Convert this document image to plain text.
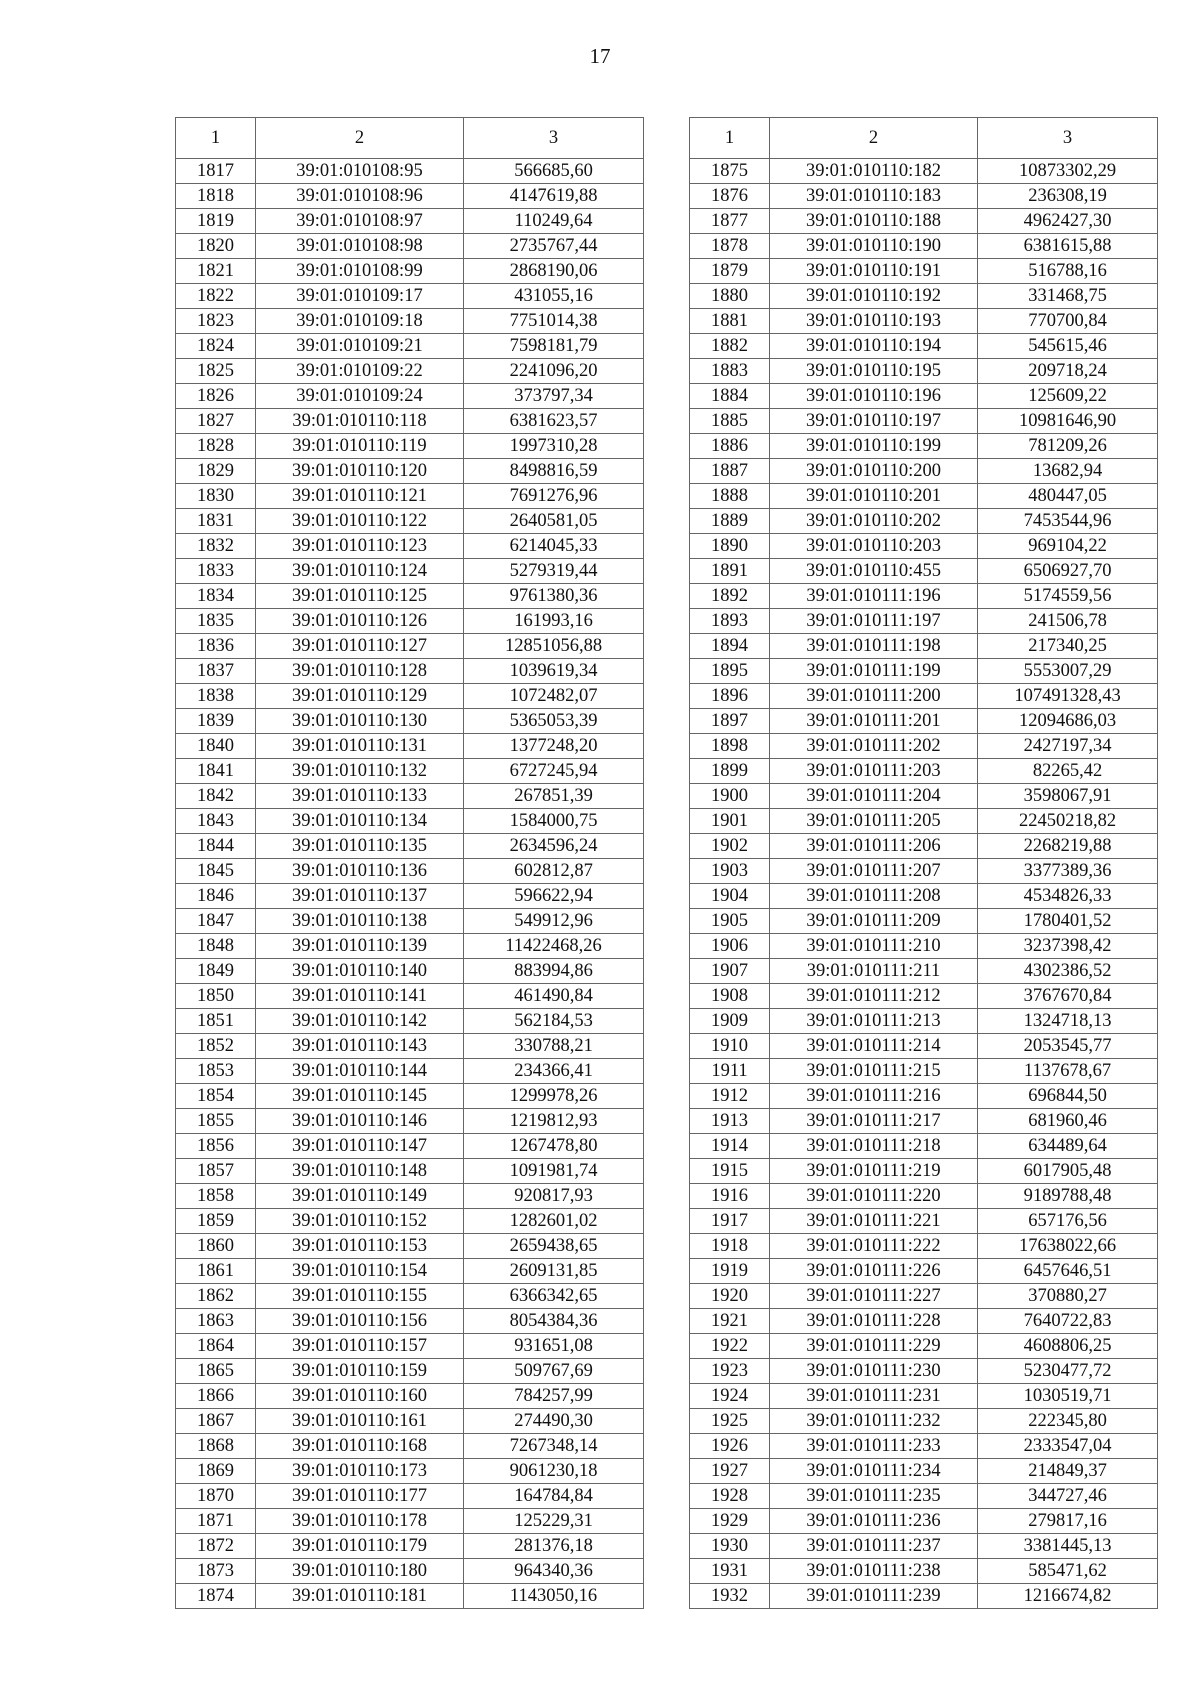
17
1	2	3
1817	39:01:010108:95	566685,60
1818	39:01:010108:96	4147619,88
1819	39:01:010108:97	110249,64
1820	39:01:010108:98	2735767,44
1821	39:01:010108:99	2868190,06
1822	39:01:010109:17	431055,16
1823	39:01:010109:18	7751014,38
1824	39:01:010109:21	7598181,79
1825	39:01:010109:22	2241096,20
1826	39:01:010109:24	373797,34
1827	39:01:010110:118	6381623,57
1828	39:01:010110:119	1997310,28
1829	39:01:010110:120	8498816,59
1830	39:01:010110:121	7691276,96
1831	39:01:010110:122	2640581,05
1832	39:01:010110:123	6214045,33
1833	39:01:010110:124	5279319,44
1834	39:01:010110:125	9761380,36
1835	39:01:010110:126	161993,16
1836	39:01:010110:127	12851056,88
1837	39:01:010110:128	1039619,34
1838	39:01:010110:129	1072482,07
1839	39:01:010110:130	5365053,39
1840	39:01:010110:131	1377248,20
1841	39:01:010110:132	6727245,94
1842	39:01:010110:133	267851,39
1843	39:01:010110:134	1584000,75
1844	39:01:010110:135	2634596,24
1845	39:01:010110:136	602812,87
1846	39:01:010110:137	596622,94
1847	39:01:010110:138	549912,96
1848	39:01:010110:139	11422468,26
1849	39:01:010110:140	883994,86
1850	39:01:010110:141	461490,84
1851	39:01:010110:142	562184,53
1852	39:01:010110:143	330788,21
1853	39:01:010110:144	234366,41
1854	39:01:010110:145	1299978,26
1855	39:01:010110:146	1219812,93
1856	39:01:010110:147	1267478,80
1857	39:01:010110:148	1091981,74
1858	39:01:010110:149	920817,93
1859	39:01:010110:152	1282601,02
1860	39:01:010110:153	2659438,65
1861	39:01:010110:154	2609131,85
1862	39:01:010110:155	6366342,65
1863	39:01:010110:156	8054384,36
1864	39:01:010110:157	931651,08
1865	39:01:010110:159	509767,69
1866	39:01:010110:160	784257,99
1867	39:01:010110:161	274490,30
1868	39:01:010110:168	7267348,14
1869	39:01:010110:173	9061230,18
1870	39:01:010110:177	164784,84
1871	39:01:010110:178	125229,31
1872	39:01:010110:179	281376,18
1873	39:01:010110:180	964340,36
1874	39:01:010110:181	1143050,16
1	2	3
1875	39:01:010110:182	10873302,29
1876	39:01:010110:183	236308,19
1877	39:01:010110:188	4962427,30
1878	39:01:010110:190	6381615,88
1879	39:01:010110:191	516788,16
1880	39:01:010110:192	331468,75
1881	39:01:010110:193	770700,84
1882	39:01:010110:194	545615,46
1883	39:01:010110:195	209718,24
1884	39:01:010110:196	125609,22
1885	39:01:010110:197	10981646,90
1886	39:01:010110:199	781209,26
1887	39:01:010110:200	13682,94
1888	39:01:010110:201	480447,05
1889	39:01:010110:202	7453544,96
1890	39:01:010110:203	969104,22
1891	39:01:010110:455	6506927,70
1892	39:01:010111:196	5174559,56
1893	39:01:010111:197	241506,78
1894	39:01:010111:198	217340,25
1895	39:01:010111:199	5553007,29
1896	39:01:010111:200	107491328,43
1897	39:01:010111:201	12094686,03
1898	39:01:010111:202	2427197,34
1899	39:01:010111:203	82265,42
1900	39:01:010111:204	3598067,91
1901	39:01:010111:205	22450218,82
1902	39:01:010111:206	2268219,88
1903	39:01:010111:207	3377389,36
1904	39:01:010111:208	4534826,33
1905	39:01:010111:209	1780401,52
1906	39:01:010111:210	3237398,42
1907	39:01:010111:211	4302386,52
1908	39:01:010111:212	3767670,84
1909	39:01:010111:213	1324718,13
1910	39:01:010111:214	2053545,77
1911	39:01:010111:215	1137678,67
1912	39:01:010111:216	696844,50
1913	39:01:010111:217	681960,46
1914	39:01:010111:218	634489,64
1915	39:01:010111:219	6017905,48
1916	39:01:010111:220	9189788,48
1917	39:01:010111:221	657176,56
1918	39:01:010111:222	17638022,66
1919	39:01:010111:226	6457646,51
1920	39:01:010111:227	370880,27
1921	39:01:010111:228	7640722,83
1922	39:01:010111:229	4608806,25
1923	39:01:010111:230	5230477,72
1924	39:01:010111:231	1030519,71
1925	39:01:010111:232	222345,80
1926	39:01:010111:233	2333547,04
1927	39:01:010111:234	214849,37
1928	39:01:010111:235	344727,46
1929	39:01:010111:236	279817,16
1930	39:01:010111:237	3381445,13
1931	39:01:010111:238	585471,62
1932	39:01:010111:239	1216674,82
